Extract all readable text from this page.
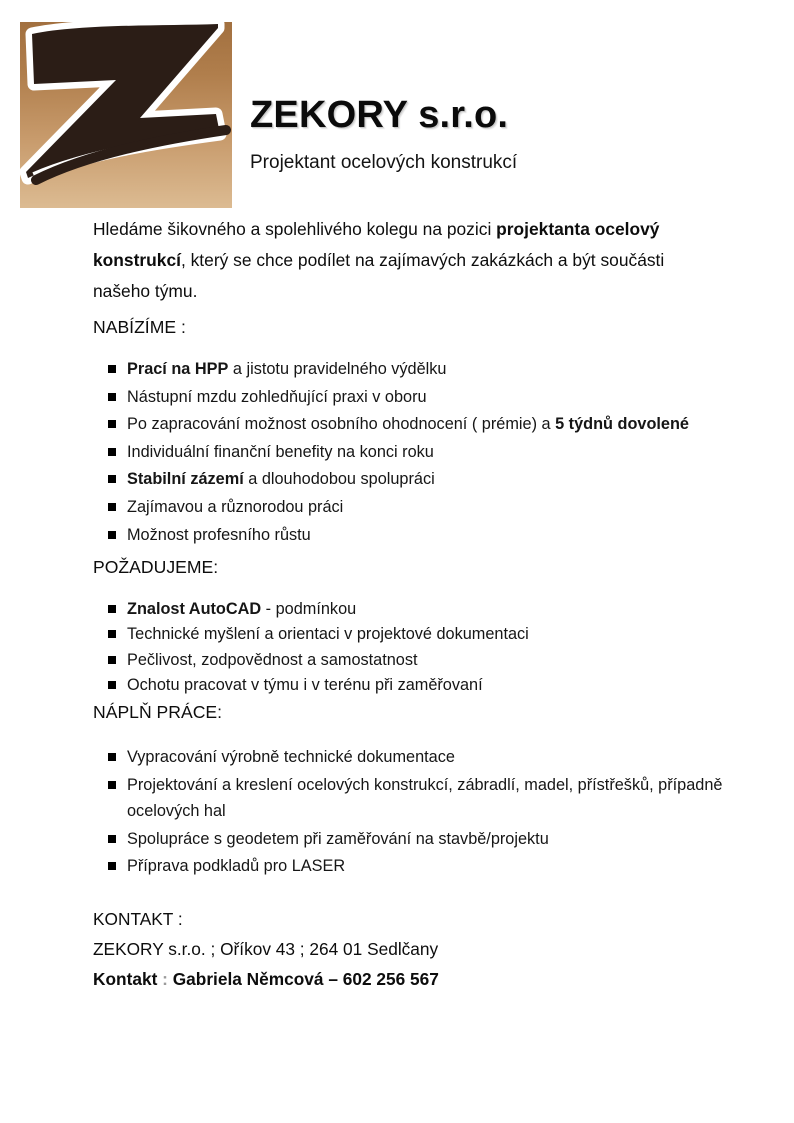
ZEKORY s.r.o.
Projektant ocelových konstrukcí
Hledáme šikovného a spolehlivého kolegu na pozici projektanta ocelový
konstrukcí, který se chce podílet na zajímavých zakázkách a být součásti
našeho týmu.
NABÍZÍME :
Prací na HPP a jistotu pravidelného výdělku
Nástupní mzdu zohledňující praxi v oboru
Po zapracování možnost osobního ohodnocení ( prémie) a 5 týdnů dovolené
Individuální finanční benefity na konci roku
Stabilní zázemí a dlouhodobou spolupráci
Zajímavou a různorodou práci
Možnost profesního růstu
POŽADUJEME:
Znalost AutoCAD - podmínkou
Technické myšlení a orientaci v projektové dokumentaci
Pečlivost, zodpovědnost a samostatnost
Ochotu pracovat v týmu i v terénu při zaměřovaní
NÁPLŇ PRÁCE:
Vypracování výrobně technické dokumentace
Projektování a kreslení ocelových konstrukcí, zábradlí, madel, přístřešků, případně ocelových hal
Spolupráce s geodetem při zaměřování na stavbě/projektu
Příprava podkladů pro LASER
KONTAKT :
ZEKORY s.r.o. ; Oříkov 43 ; 264 01 Sedlčany
Kontakt : Gabriela Němcová – 602 256 567
